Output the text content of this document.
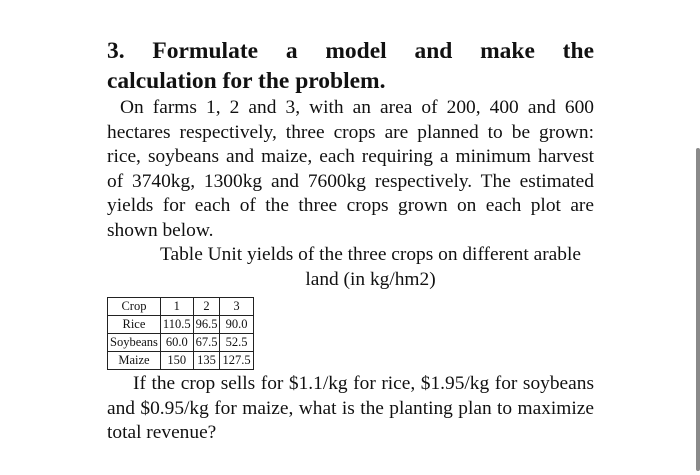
3. Formulate a model and make the
calculation for the problem.

On farms 1, 2 and 3, with an area of 200, 400 and 600 hectares respectively, three crops are planned to be grown: rice, soybeans and maize, each requiring a minimum harvest of 3740kg, 1300kg and 7600kg respectively. The estimated yields for each of the three crops grown on each plot are shown below.

Table Unit yields of the three crops on different arable land (in kg/hm2)

Crop	1	2	3
Rice	110.5	96.5	90.0
Soybeans	60.0	67.5	52.5
Maize	150	135	127.5

If the crop sells for $1.1/kg for rice, $1.95/kg for soybeans and $0.95/kg for maize, what is the planting plan to maximize total revenue?
